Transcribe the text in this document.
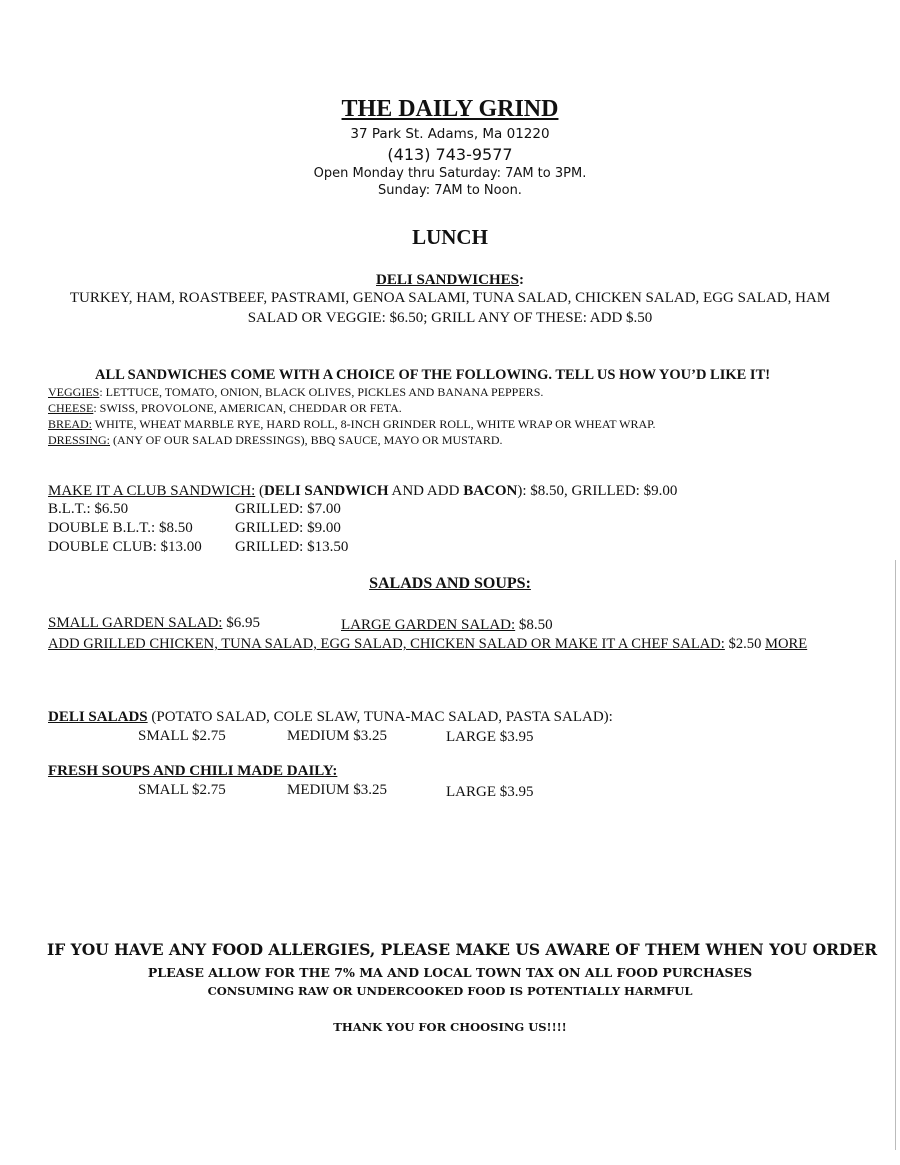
THE DAILY GRIND
37 Park St. Adams, Ma 01220
(413) 743-9577
Open Monday thru Saturday: 7AM to 3PM.
Sunday: 7AM to Noon.
LUNCH
DELI SANDWICHES:
TURKEY, HAM, ROASTBEEF, PASTRAMI, GENOA SALAMI, TUNA SALAD, CHICKEN SALAD, EGG SALAD, HAM
SALAD OR VEGGIE: $6.50; GRILL ANY OF THESE: ADD $.50
ALL SANDWICHES COME WITH A CHOICE OF THE FOLLOWING. TELL US HOW YOU’D LIKE IT!
VEGGIES: LETTUCE, TOMATO, ONION, BLACK OLIVES, PICKLES AND BANANA PEPPERS.
CHEESE: SWISS, PROVOLONE, AMERICAN, CHEDDAR OR FETA.
BREAD: WHITE, WHEAT MARBLE RYE, HARD ROLL, 8-INCH GRINDER ROLL, WHITE WRAP OR WHEAT WRAP.
DRESSING: (ANY OF OUR SALAD DRESSINGS), BBQ SAUCE, MAYO OR MUSTARD.
MAKE IT A CLUB SANDWICH: (DELI SANDWICH AND ADD BACON): $8.50, GRILLED: $9.00
B.L.T.: $6.50	GRILLED: $7.00
DOUBLE B.L.T.: $8.50	GRILLED: $9.00
DOUBLE CLUB: $13.00 GRILLED: $13.50
SALADS AND SOUPS:
SMALL GARDEN SALAD: $6.95	LARGE GARDEN SALAD: $8.50
ADD GRILLED CHICKEN, TUNA SALAD, EGG SALAD, CHICKEN SALAD OR MAKE IT A CHEF SALAD: $2.50 MORE
DELI SALADS (POTATO SALAD, COLE SLAW, TUNA-MAC SALAD, PASTA SALAD):
SMALL $2.75	MEDIUM $3.25	LARGE $3.95
FRESH SOUPS AND CHILI MADE DAILY:
SMALL $2.75	MEDIUM $3.25	LARGE $3.95
IF YOU HAVE ANY FOOD ALLERGIES, PLEASE MAKE US AWARE OF THEM WHEN YOU ORDER
PLEASE ALLOW FOR THE 7% MA AND LOCAL TOWN TAX ON ALL FOOD PURCHASES
CONSUMING RAW OR UNDERCOOKED FOOD IS POTENTIALLY HARMFUL
THANK YOU FOR CHOOSING US!!!!
